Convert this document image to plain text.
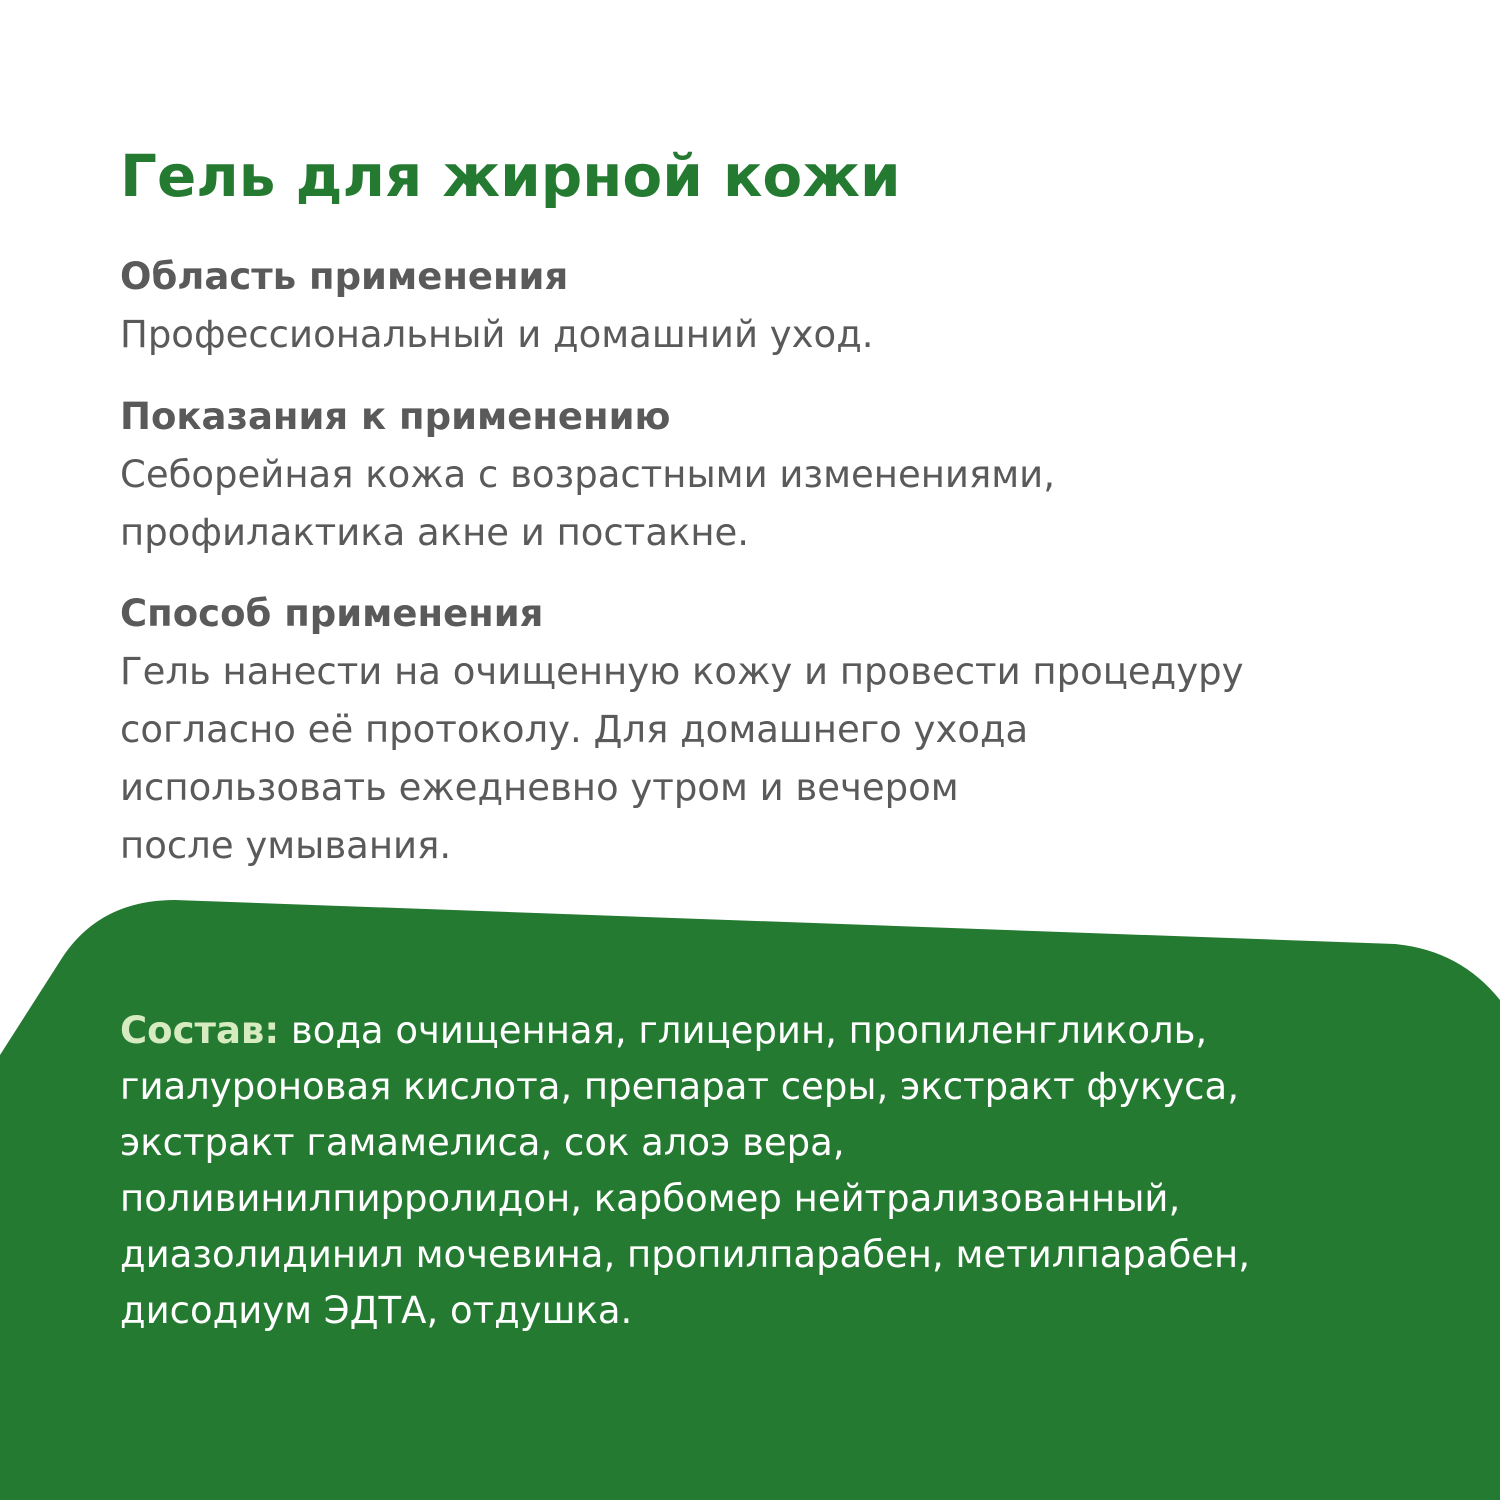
Гель для жирной кожи
Область применения
Профессиональный и домашний уход.
Показания к применению
Себорейная кожа с возрастными изменениями,
профилактика акне и постакне.
Способ применения
Гель нанести на очищенную кожу и провести процедуру
согласно её протоколу. Для домашнего ухода
использовать ежедневно утром и вечером
после умывания.

Состав: вода очищенная, глицерин, пропиленгликоль,
гиалуроновая кислота, препарат серы, экстракт фукуса,
экстракт гамамелиса, сок алоэ вера,
поливинилпирролидон, карбомер нейтрализованный,
диазолидинил мочевина, пропилпарабен, метилпарабен,
дисодиум ЭДТА, отдушка.
